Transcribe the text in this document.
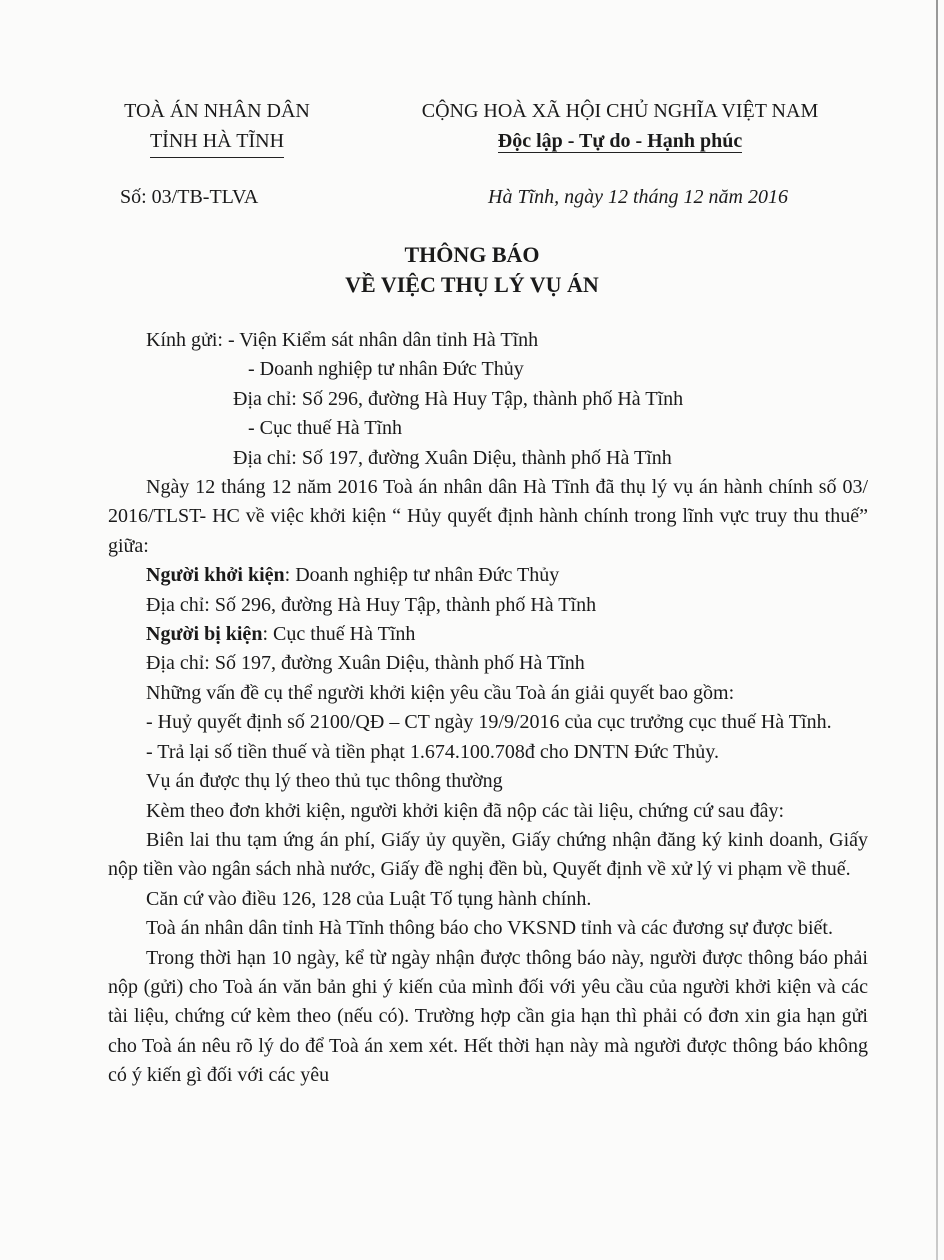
TOÀ ÁN NHÂN DÂN
TỈNH HÀ TĨNH
CỘNG HOÀ XÃ HỘI CHỦ NGHĨA VIỆT NAM
Độc lập - Tự do - Hạnh phúc
Số: 03/TB-TLVA	Hà Tĩnh, ngày 12 tháng 12 năm 2016
THÔNG BÁO
VỀ VIỆC THỤ LÝ VỤ ÁN
Kính gửi: - Viện Kiểm sát nhân dân tỉnh Hà Tĩnh
- Doanh nghiệp tư nhân Đức Thủy
Địa chỉ: Số 296, đường Hà Huy Tập, thành phố Hà Tĩnh
- Cục thuế Hà Tĩnh
Địa chỉ: Số 197, đường Xuân Diệu, thành phố Hà Tĩnh
Ngày 12 tháng 12 năm 2016 Toà án nhân dân Hà Tĩnh đã thụ lý vụ án hành chính số 03/ 2016/TLST- HC về việc khởi kiện “ Hủy quyết định hành chính trong lĩnh vực truy thu thuế” giữa:
Người khởi kiện: Doanh nghiệp tư nhân Đức Thủy
Địa chỉ: Số 296, đường Hà Huy Tập, thành phố Hà Tĩnh
Người bị kiện: Cục thuế Hà Tĩnh
Địa chỉ: Số 197, đường Xuân Diệu, thành phố Hà Tĩnh
Những vấn đề cụ thể người khởi kiện yêu cầu Toà án giải quyết bao gồm:
- Huỷ quyết định số 2100/QĐ – CT ngày 19/9/2016 của cục trưởng cục thuế Hà Tĩnh.
- Trả lại số tiền thuế và tiền phạt 1.674.100.708đ cho DNTN Đức Thủy.
Vụ án được thụ lý theo thủ tục thông thường
Kèm theo đơn khởi kiện, người khởi kiện đã nộp các tài liệu, chứng cứ sau đây:
Biên lai thu tạm ứng án phí, Giấy ủy quyền, Giấy chứng nhận đăng ký kinh doanh, Giấy nộp tiền vào ngân sách nhà nước, Giấy đề nghị đền bù, Quyết định về xử lý vi phạm về thuế.
Căn cứ vào điều 126, 128 của Luật Tố tụng hành chính.
Toà án nhân dân tỉnh Hà Tĩnh thông báo cho VKSND tỉnh và các đương sự được biết.
Trong thời hạn 10 ngày, kể từ ngày nhận được thông báo này, người được thông báo phải nộp (gửi) cho Toà án văn bản ghi ý kiến của mình đối với yêu cầu của người khởi kiện và các tài liệu, chứng cứ kèm theo (nếu có). Trường hợp cần gia hạn thì phải có đơn xin gia hạn gửi cho Toà án nêu rõ lý do để Toà án xem xét. Hết thời hạn này mà người được thông báo không có ý kiến gì đối với các yêu
